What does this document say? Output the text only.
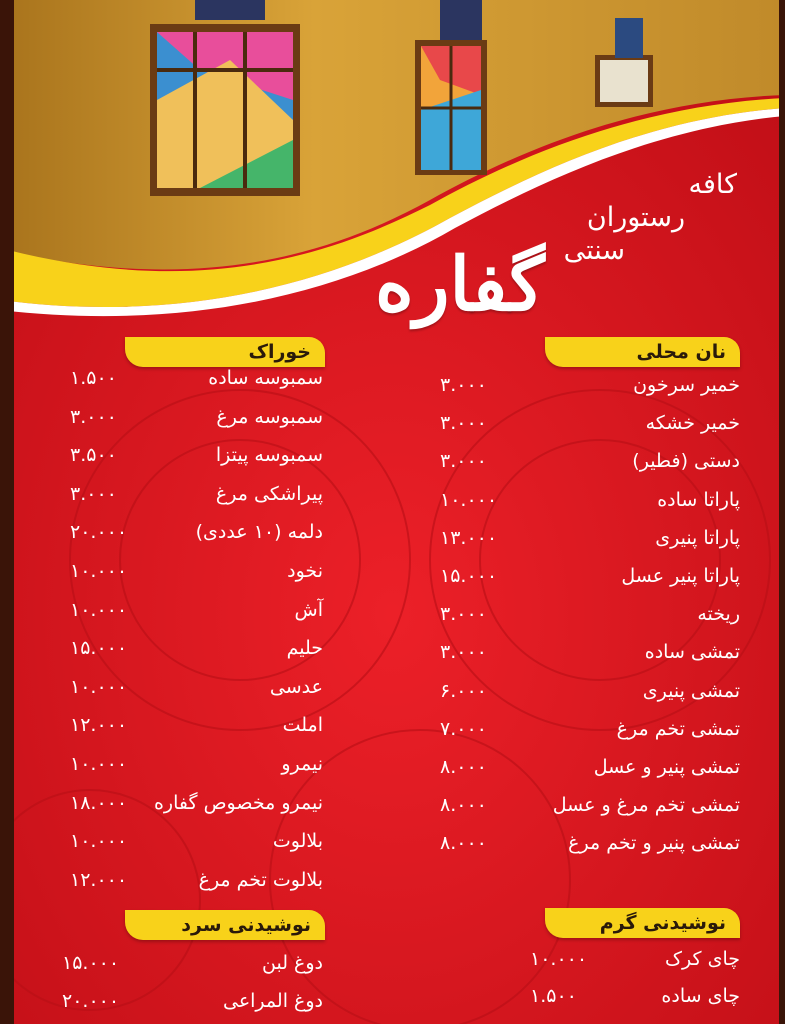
کافه
رستوران
سنتی
گفاره
نان محلی
خوراک
نوشیدنی گرم
نوشیدنی سرد
خمیر سرخون
۳.۰۰۰
خمیر خشکه
۳.۰۰۰
دستی (فطیر)
۳.۰۰۰
پاراتا ساده
۱۰.۰۰۰
پاراتا پنیری
۱۳.۰۰۰
پاراتا پنیر عسل
۱۵.۰۰۰
ریخته
۳.۰۰۰
تمشی ساده
۳.۰۰۰
تمشی پنیری
۶.۰۰۰
تمشی تخم مرغ
۷.۰۰۰
تمشی پنیر و عسل
۸.۰۰۰
تمشی تخم مرغ و عسل
۸.۰۰۰
تمشی پنیر و تخم مرغ
۸.۰۰۰
سمبوسه ساده
۱.۵۰۰
سمبوسه مرغ
۳.۰۰۰
سمبوسه پیتزا
۳.۵۰۰
پیراشکی مرغ
۳.۰۰۰
دلمه (۱۰ عددی)
۲۰.۰۰۰
نخود
۱۰.۰۰۰
آش
۱۰.۰۰۰
حلیم
۱۵.۰۰۰
عدسی
۱۰.۰۰۰
املت
۱۲.۰۰۰
نیمرو
۱۰.۰۰۰
نیمرو مخصوص گفاره
۱۸.۰۰۰
بلالوت
۱۰.۰۰۰
بلالوت تخم مرغ
۱۲.۰۰۰
چای کرک
۱۰.۰۰۰
چای ساده
۱.۵۰۰
دوغ لبن
۱۵.۰۰۰
دوغ المراعی
۲۰.۰۰۰
